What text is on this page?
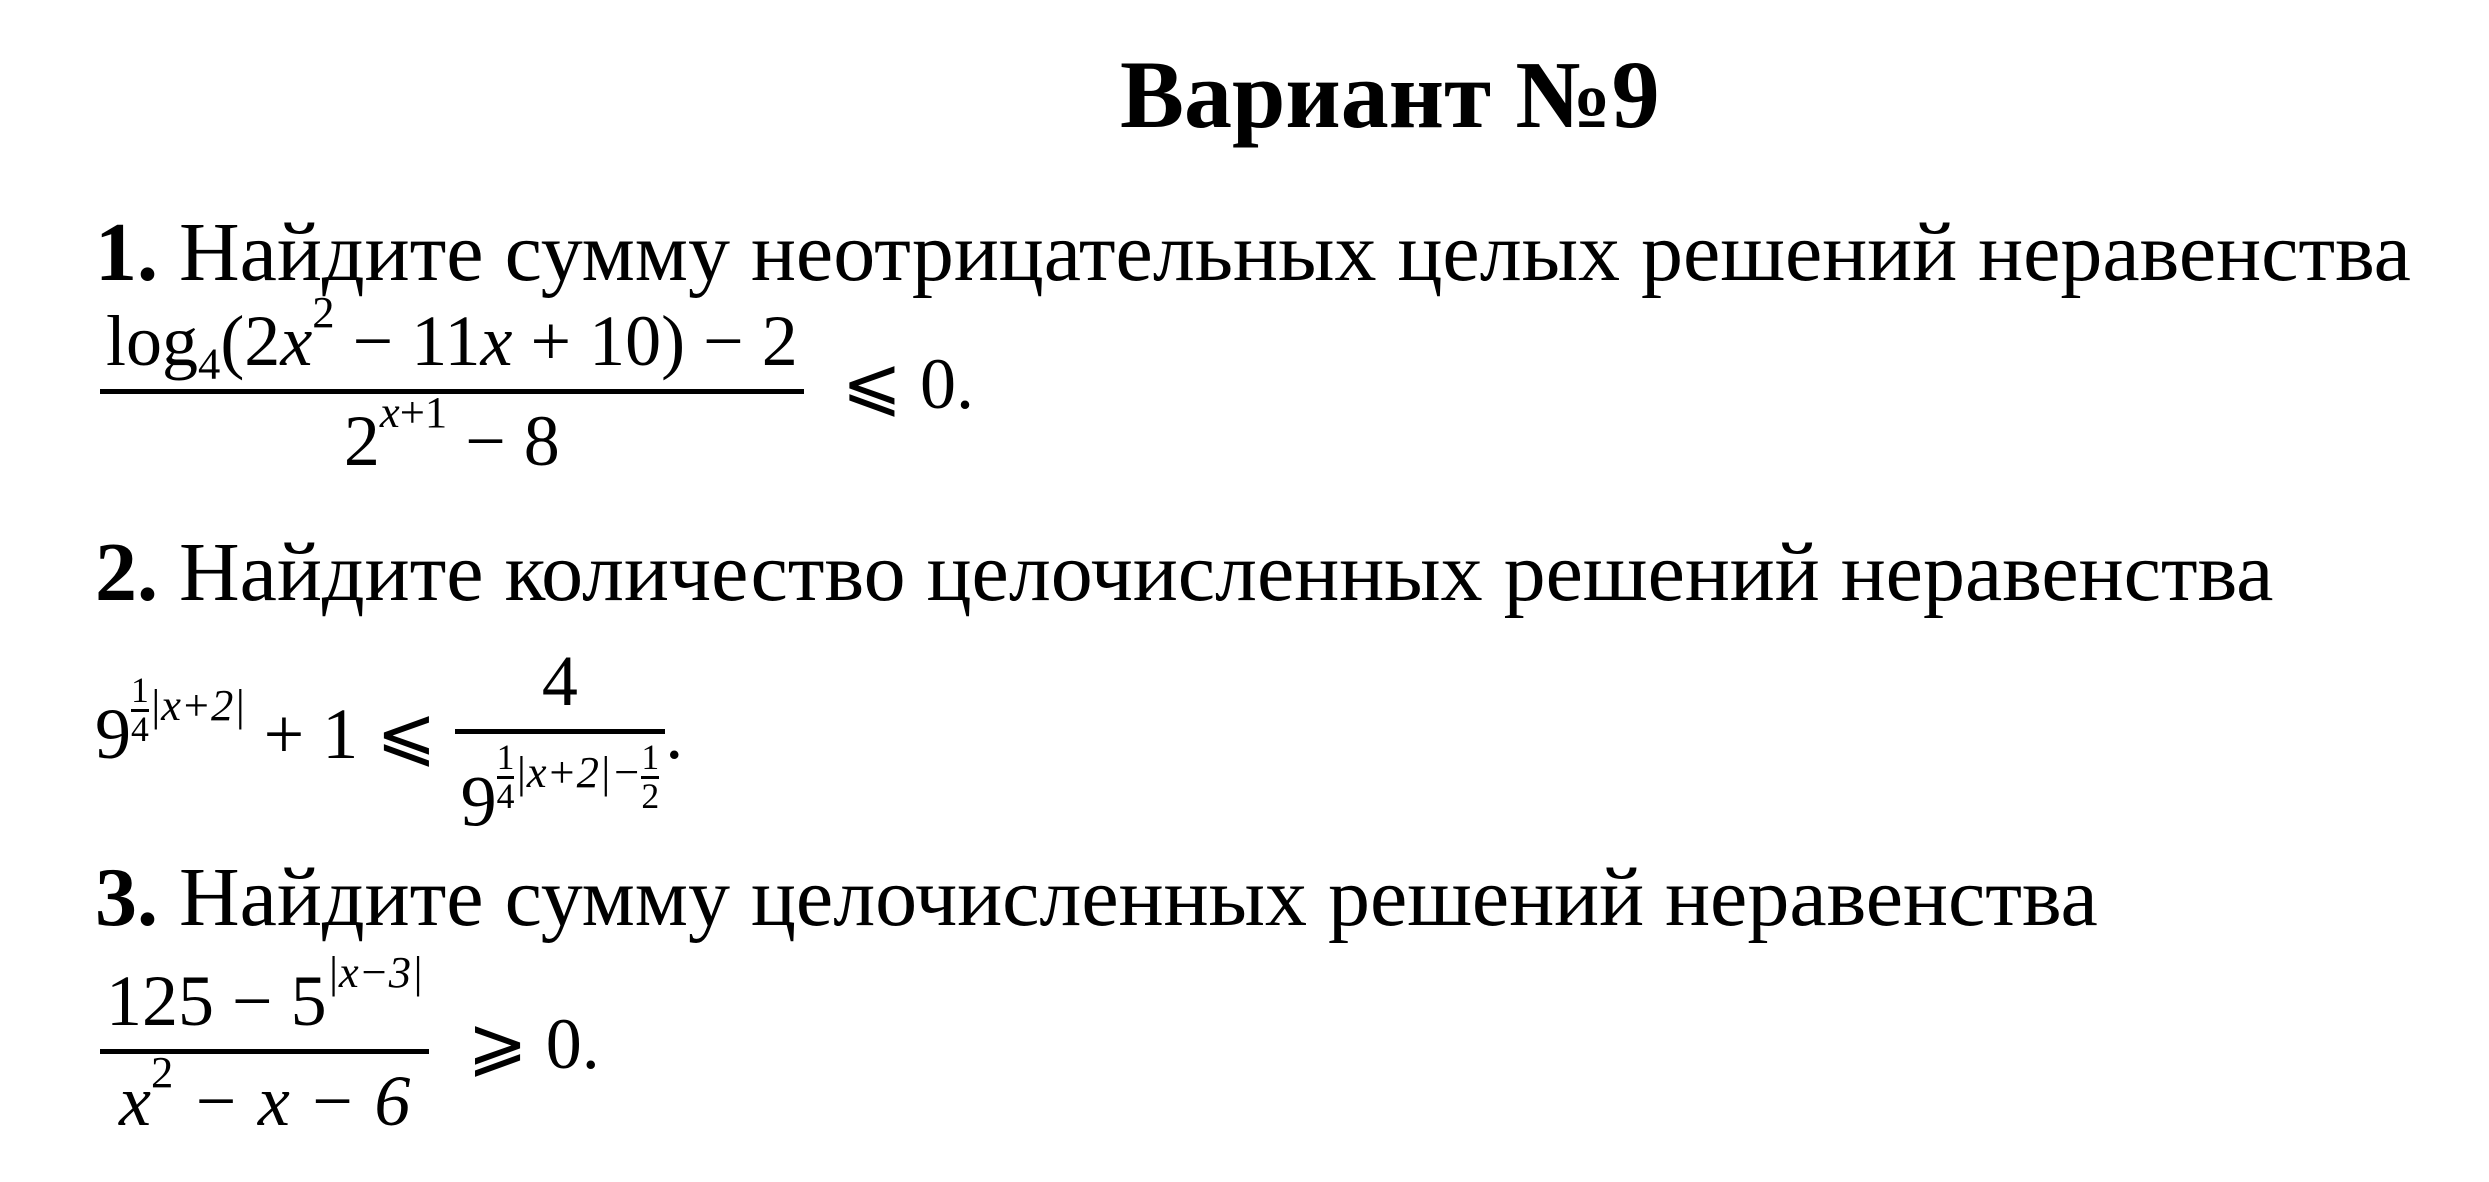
Вариант №9
1. Найдите сумму неотрицательных целых решений неравенства
$\frac{\log_4(2x^2 - 11x + 10) - 2}{2^{x+1} - 8}$ ⩽ 0.
2. Найдите количество целочисленных решений неравенства
9 $^{\frac{1}{4} |x+2|}$ + 1 ⩽ 4
9 $^{\frac{1}{4} |x+2|- \frac{1}{2}}$ .
3. Найдите сумму целочисленных решений неравенства
$\frac{125 - 5^{|x-3|}}{x^2 - x - 6}$ ⩾ 0.
